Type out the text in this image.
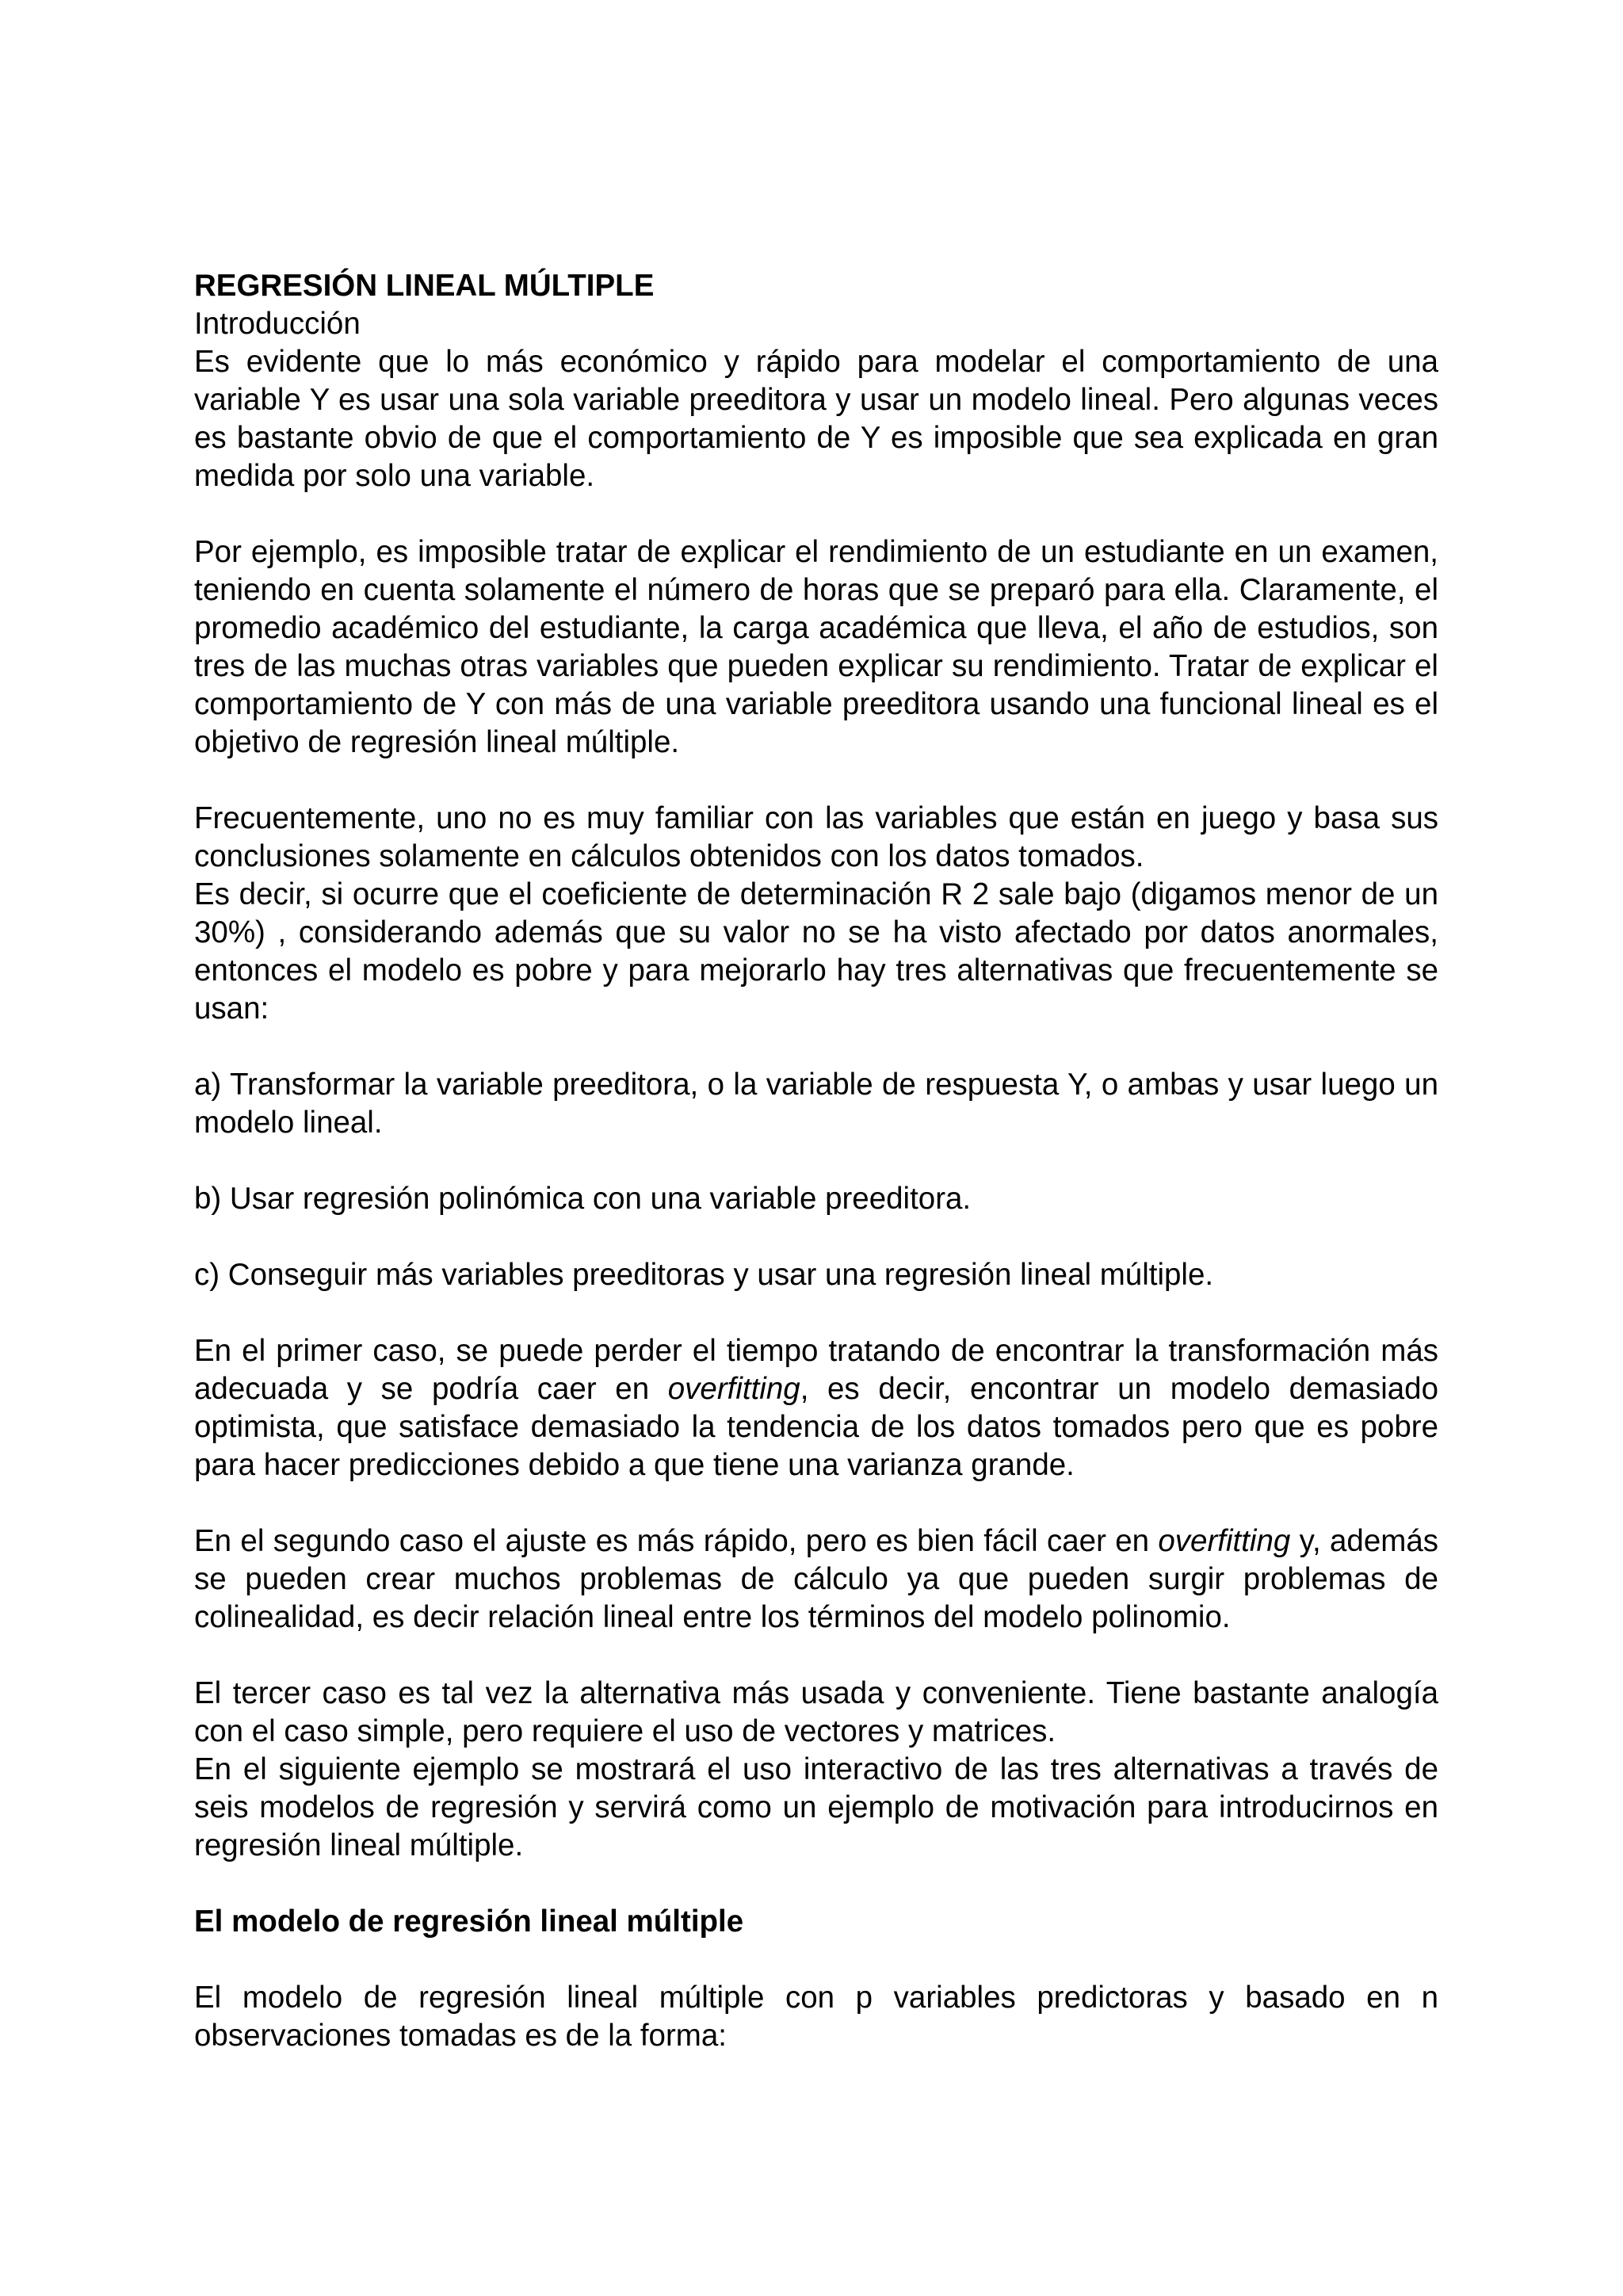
REGRESIÓN LINEAL MÚLTIPLE

Introducción

Es evidente que lo más económico y rápido para modelar el comportamiento de una variable Y es usar una sola variable preeditora y usar un modelo lineal. Pero algunas veces es bastante obvio de que el comportamiento de Y es imposible que sea explicada en gran medida por solo una variable.

Por ejemplo, es imposible tratar de explicar el rendimiento de un estudiante en un examen, teniendo en cuenta solamente el número de horas que se preparó para ella. Claramente, el promedio académico del estudiante, la carga académica que lleva, el año de estudios, son tres de las muchas otras variables que pueden explicar su rendimiento. Tratar de explicar el comportamiento de Y con más de una variable preeditora usando una funcional lineal es el objetivo de regresión lineal múltiple.

Frecuentemente, uno no es muy familiar con las variables que están en juego y basa sus conclusiones solamente en cálculos obtenidos con los datos tomados.

Es decir, si ocurre que el coeficiente de determinación R 2 sale bajo (digamos menor de un 30%) , considerando además que su valor no se ha visto afectado por datos anormales, entonces el modelo es pobre y para mejorarlo hay tres alternativas que frecuentemente se usan:

a) Transformar la variable preeditora, o la variable de respuesta Y, o ambas y usar luego un modelo lineal.

b) Usar regresión polinómica con una variable preeditora.

c) Conseguir más variables preeditoras y usar una regresión lineal múltiple.

En el primer caso, se puede perder el tiempo tratando de encontrar la transformación más adecuada y se podría caer en overfitting, es decir, encontrar un modelo demasiado optimista, que satisface demasiado la tendencia de los datos tomados pero que es pobre para hacer predicciones debido a que tiene una varianza grande.

En el segundo caso el ajuste es más rápido, pero es bien fácil caer en overfitting y, además se pueden crear muchos problemas de cálculo ya que pueden surgir problemas de colinealidad, es decir relación lineal entre los términos del modelo polinomio.

El tercer caso es tal vez la alternativa más usada y conveniente. Tiene bastante analogía con el caso simple, pero requiere el uso de vectores y matrices.

En el siguiente ejemplo se mostrará el uso interactivo de las tres alternativas a través de seis modelos de regresión y servirá como un ejemplo de motivación para introducirnos en regresión lineal múltiple.

El modelo de regresión lineal múltiple

El modelo de regresión lineal múltiple con p variables predictoras y basado en n observaciones tomadas es de la forma:
